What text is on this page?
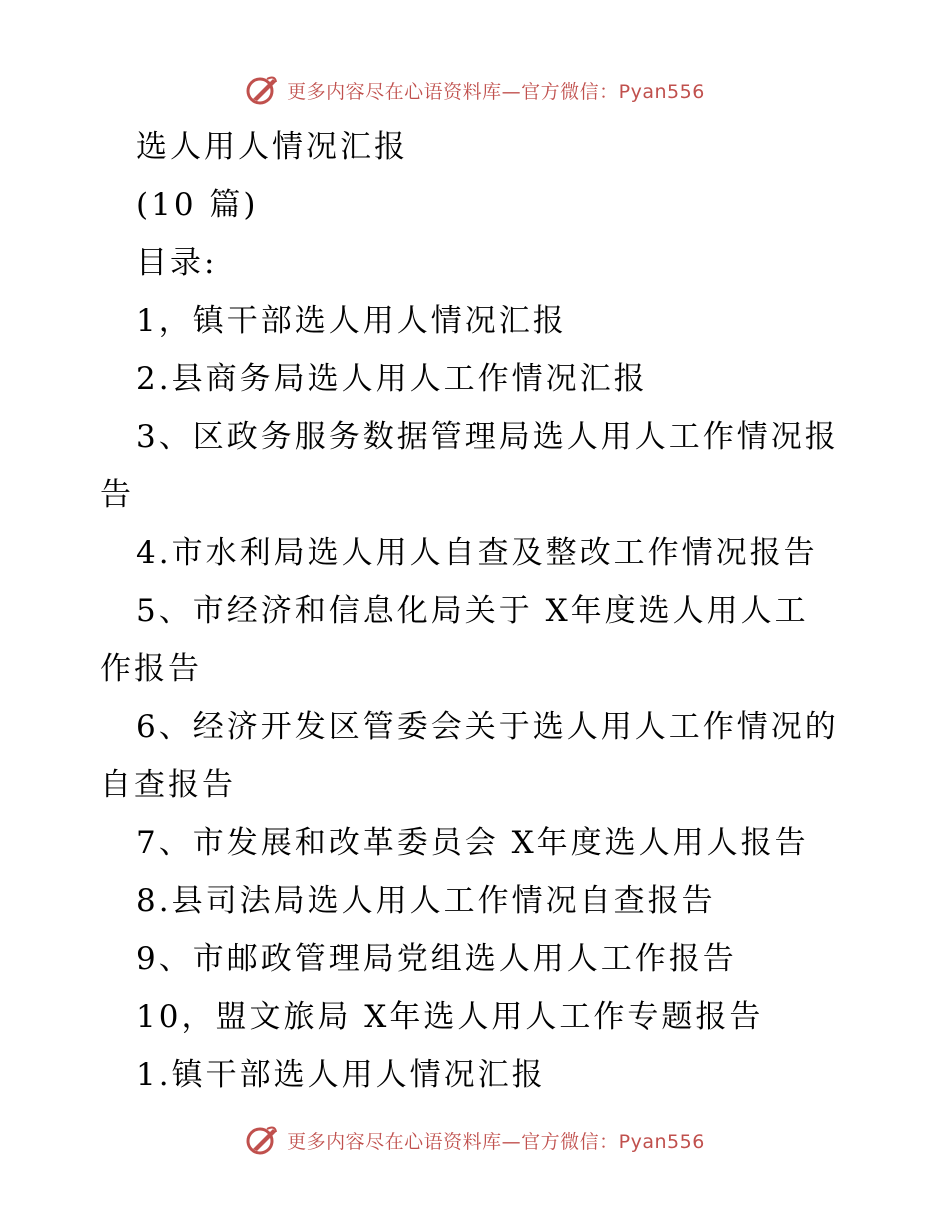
更多内容尽在心语资料库—官方微信：Pyan556

选人用人情况汇报

(10 篇)

目录:

1，镇干部选人用人情况汇报

2.县商务局选人用人工作情况汇报

3、区政务服务数据管理局选人用人工作情况报告

4.市水利局选人用人自查及整改工作情况报告

5、市经济和信息化局关于 X年度选人用人工作报告

6、经济开发区管委会关于选人用人工作情况的自查报告

7、市发展和改革委员会 X年度选人用人报告

8.县司法局选人用人工作情况自查报告

9、市邮政管理局党组选人用人工作报告

10，盟文旅局 X年选人用人工作专题报告

1.镇干部选人用人情况汇报

更多内容尽在心语资料库—官方微信：Pyan556
